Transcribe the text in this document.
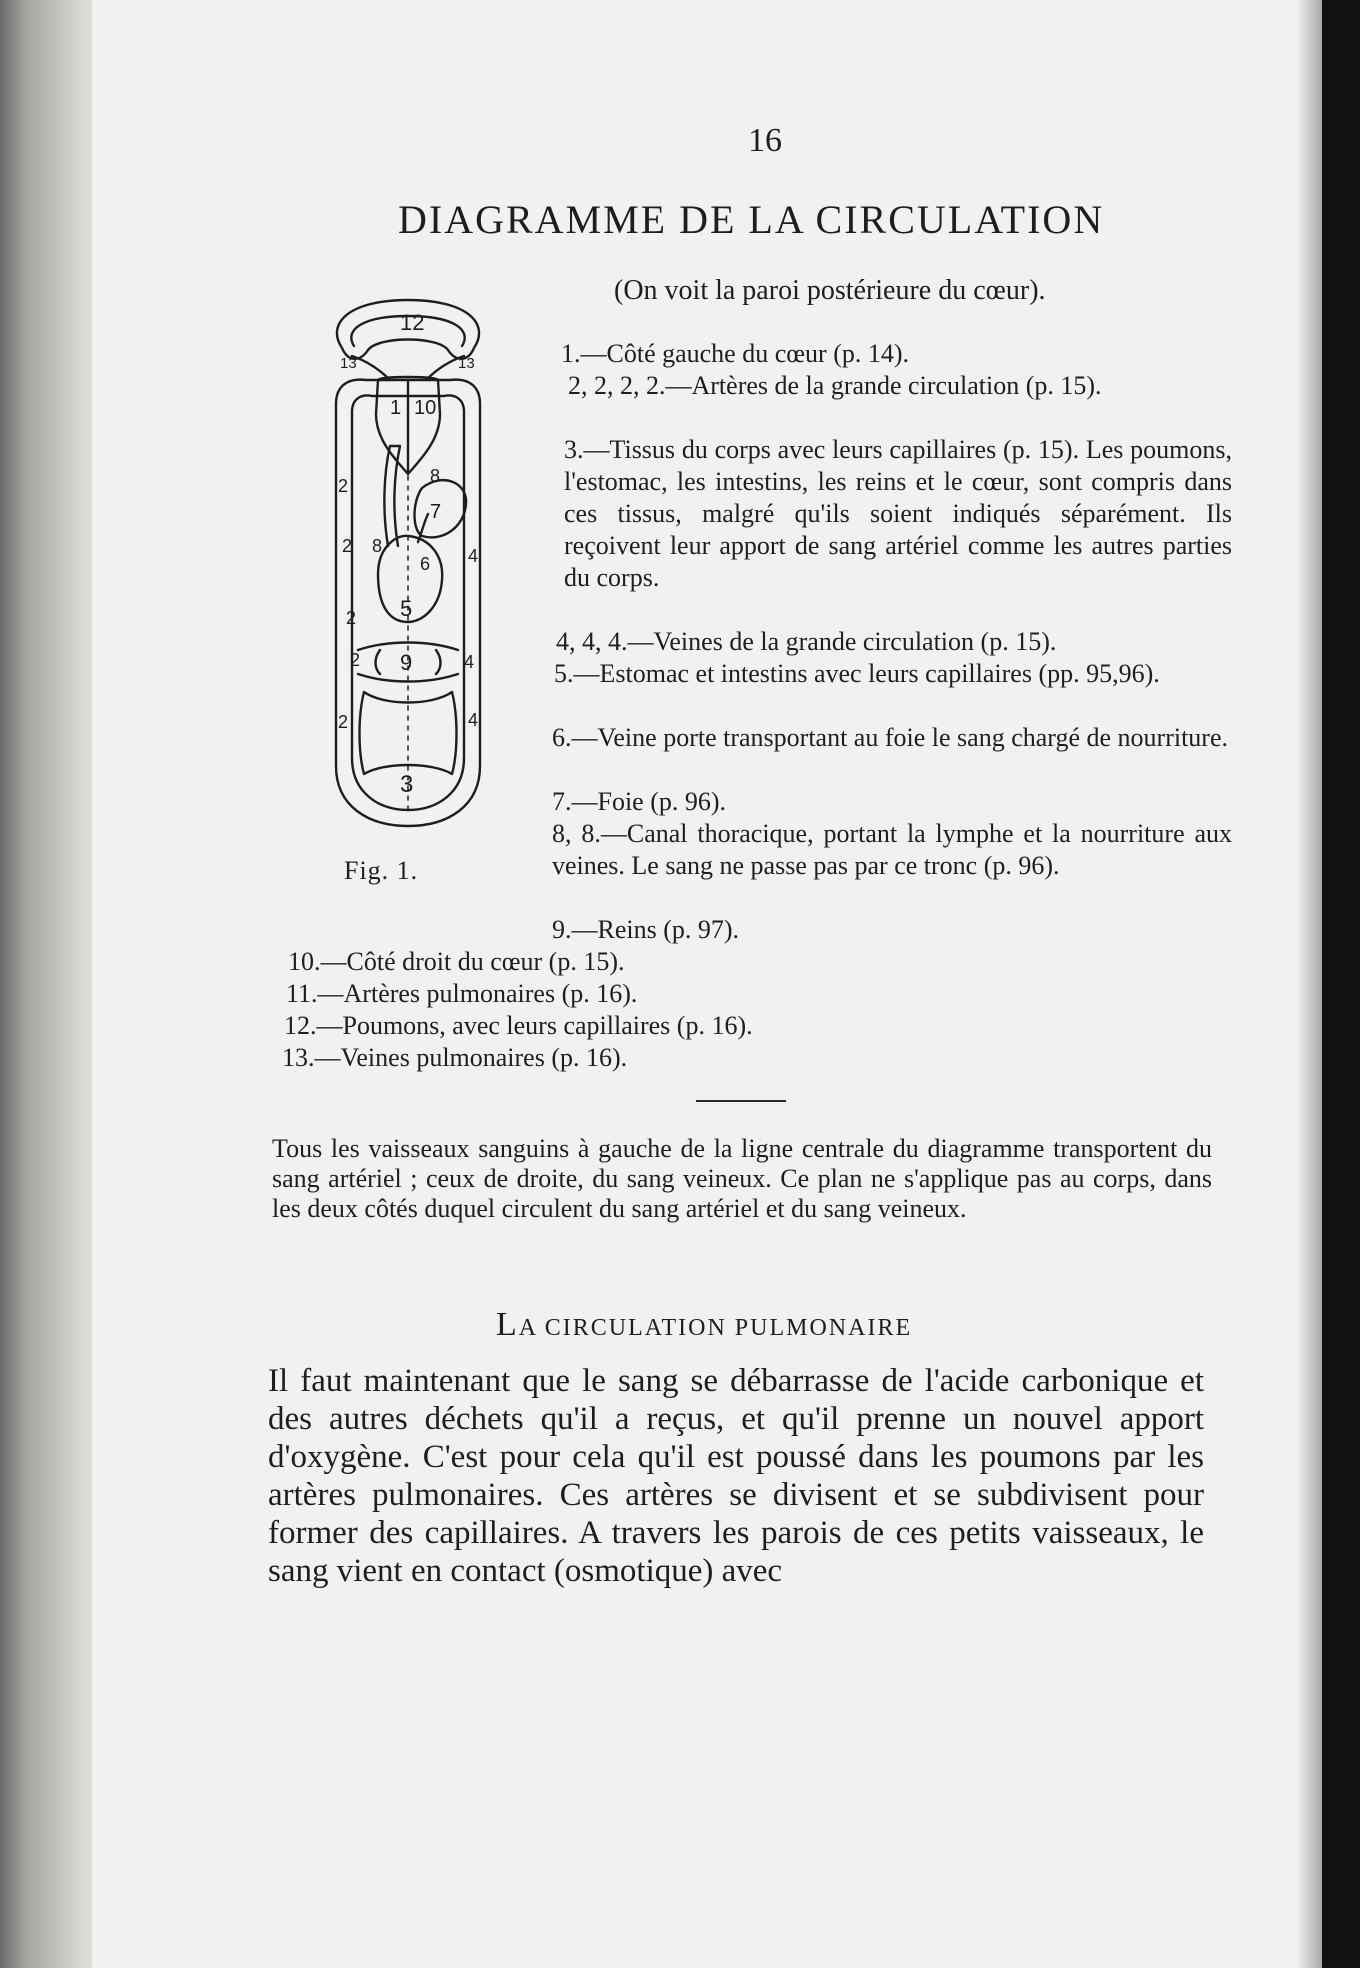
16
DIAGRAMME DE LA CIRCULATION
(On voit la paroi postérieure du cœur).
12
13	13
1 10
2
2
2
2
2
8
8
7
6
5
4
4
4
9
3
Fig. 1.
1.—Côté gauche du cœur (p. 14).
2, 2, 2, 2.—Artères de la grande circulation (p. 15).
3.—Tissus du corps avec leurs capillaires (p. 15). Les poumons, l'estomac, les intestins, les reins et le cœur, sont compris dans ces tissus, malgré qu'ils soient indiqués séparément. Ils reçoivent leur apport de sang artériel comme les autres parties du corps.
4, 4, 4.—Veines de la grande circulation (p. 15).
5.—Estomac et intestins avec leurs capillaires (pp. 95,96).
6.—Veine porte transportant au foie le sang chargé de nourriture.
7.—Foie (p. 96).
8, 8.—Canal thoracique, portant la lymphe et la nourriture aux veines. Le sang ne passe pas par ce tronc (p. 96).
9.—Reins (p. 97).
10.—Côté droit du cœur (p. 15).
11.—Artères pulmonaires (p. 16).
12.—Poumons, avec leurs capillaires (p. 16).
13.—Veines pulmonaires (p. 16).
Tous les vaisseaux sanguins à gauche de la ligne centrale du diagramme transportent du sang artériel ; ceux de droite, du sang veineux. Ce plan ne s'applique pas au corps, dans les deux côtés duquel circulent du sang artériel et du sang veineux.
LA CIRCULATION PULMONAIRE
Il faut maintenant que le sang se débarrasse de l'acide carbonique et des autres déchets qu'il a reçus, et qu'il prenne un nouvel apport d'oxygène. C'est pour cela qu'il est poussé dans les poumons par les artères pulmonaires. Ces artères se divisent et se subdivisent pour former des capillaires. A travers les parois de ces petits vaisseaux, le sang vient en contact (osmotique) avec
